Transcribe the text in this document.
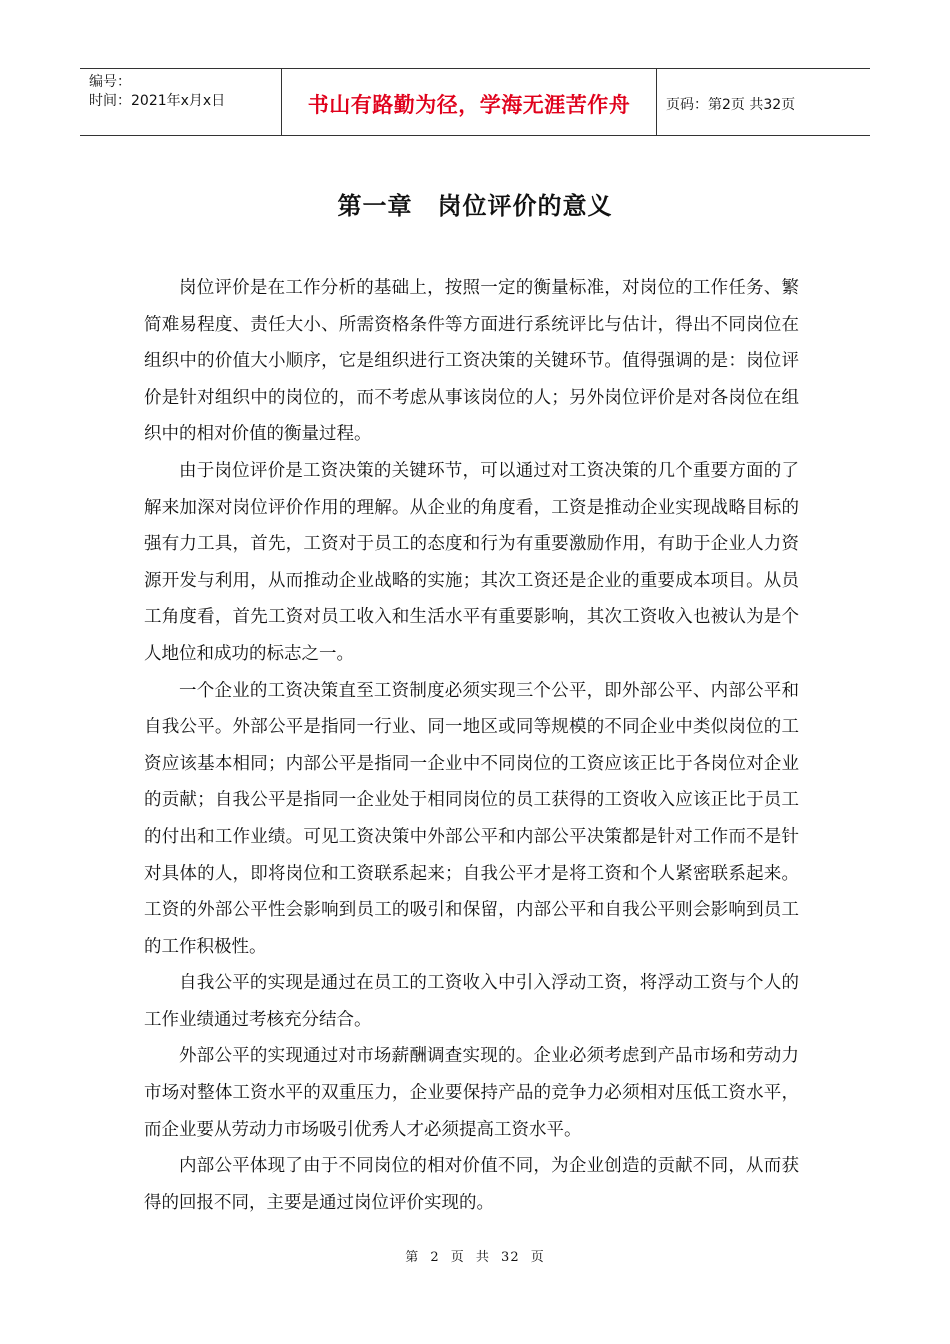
编号：
时间：2021年x月x日	书山有路勤为径，学海无涯苦作舟	页码：第2页 共32页
第一章　岗位评价的意义

岗位评价是在工作分析的基础上，按照一定的衡量标准，对岗位的工作任务、繁简难易程度、责任大小、所需资格条件等方面进行系统评比与估计，得出不同岗位在组织中的价值大小顺序，它是组织进行工资决策的关键环节。值得强调的是：岗位评价是针对组织中的岗位的，而不考虑从事该岗位的人；另外岗位评价是对各岗位在组织中的相对价值的衡量过程。

由于岗位评价是工资决策的关键环节，可以通过对工资决策的几个重要方面的了解来加深对岗位评价作用的理解。从企业的角度看，工资是推动企业实现战略目标的强有力工具，首先，工资对于员工的态度和行为有重要激励作用，有助于企业人力资源开发与利用，从而推动企业战略的实施；其次工资还是企业的重要成本项目。从员工角度看，首先工资对员工收入和生活水平有重要影响，其次工资收入也被认为是个人地位和成功的标志之一。

一个企业的工资决策直至工资制度必须实现三个公平，即外部公平、内部公平和自我公平。外部公平是指同一行业、同一地区或同等规模的不同企业中类似岗位的工资应该基本相同；内部公平是指同一企业中不同岗位的工资应该正比于各岗位对企业的贡献；自我公平是指同一企业处于相同岗位的员工获得的工资收入应该正比于员工的付出和工作业绩。可见工资决策中外部公平和内部公平决策都是针对工作而不是针对具体的人，即将岗位和工资联系起来；自我公平才是将工资和个人紧密联系起来。工资的外部公平性会影响到员工的吸引和保留，内部公平和自我公平则会影响到员工的工作积极性。

自我公平的实现是通过在员工的工资收入中引入浮动工资，将浮动工资与个人的工作业绩通过考核充分结合。

外部公平的实现通过对市场薪酬调查实现的。企业必须考虑到产品市场和劳动力市场对整体工资水平的双重压力，企业要保持产品的竞争力必须相对压低工资水平，而企业要从劳动力市场吸引优秀人才必须提高工资水平。

内部公平体现了由于不同岗位的相对价值不同，为企业创造的贡献不同，从而获得的回报不同，主要是通过岗位评价实现的。

第 2 页 共 32 页
